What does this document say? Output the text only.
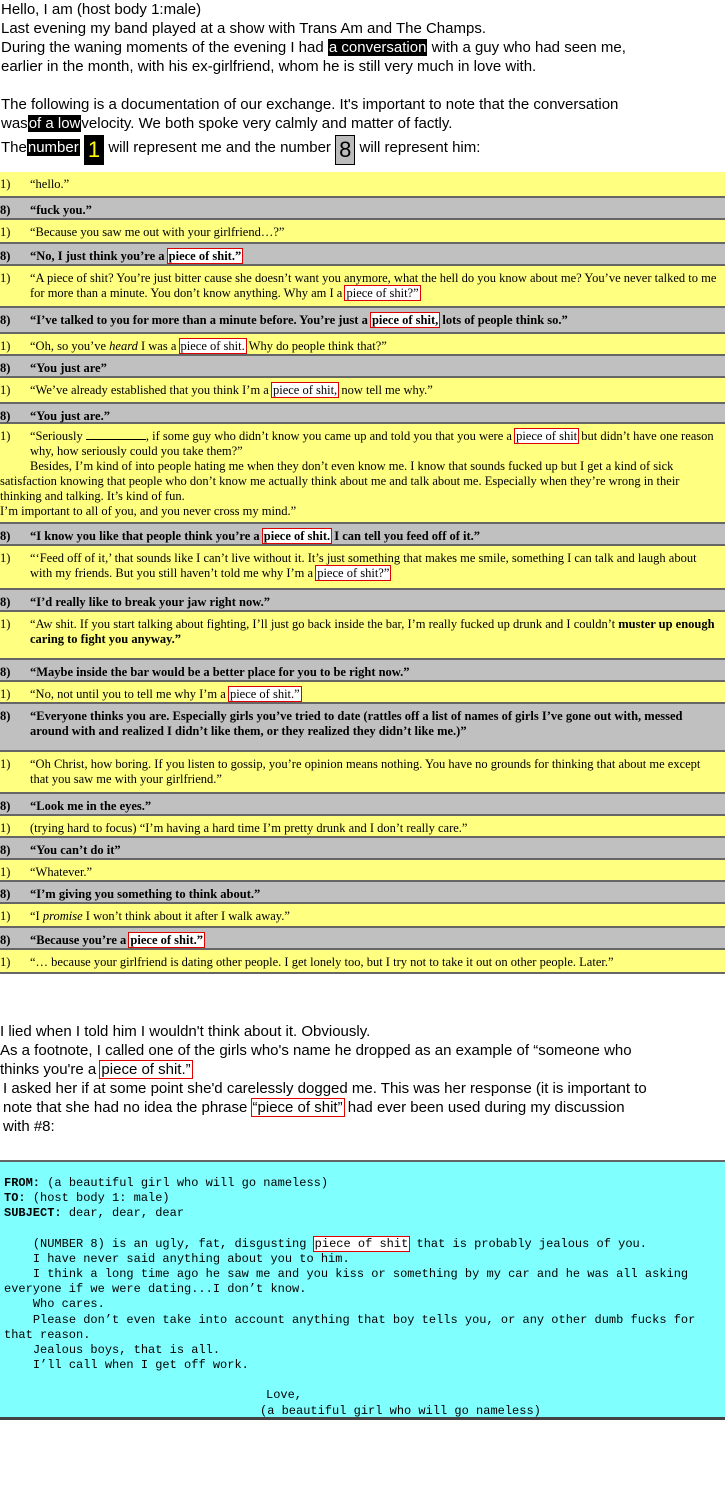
Hello, I am (host body 1:male)

Last evening my band played at a show with Trans Am and The Champs.

During the waning moments of the evening I had a conversation with a guy who had seen me,

earlier in the month, with his ex-girlfriend, whom he is still very much in love with.

The following is a documentation of our exchange. It's important to note that the conversation

wasof a lowvelocity. We both spoke very calmly and matter of factly.

Thenumber 1 will represent me and the number 8 will represent him:

1) “hello.”
8) “fuck you.”
1) “Because you saw me out with your girlfriend…?”
8) “No, I just think you’re a piece of shit.”
1) “A piece of shit? You’re just bitter cause she doesn’t want you anymore, what the hell do you know about me? You’ve never talked to me for more than a minute. You don’t know anything. Why am I a piece of shit?”
8) “I’ve talked to you for more than a minute before. You’re just a piece of shit, lots of people think so.”
1) “Oh, so you’ve heard I was a piece of shit. Why do people think that?”
8) “You just are”
1) “We’ve already established that you think I’m a piece of shit, now tell me why.”
8) “You just are.”
1) “Seriously	, if some guy who didn’t know you came up and told you that you were a piece of shit but didn’t have one reason why, how seriously could you take them?”
Besides, I’m kind of into people hating me when they don’t even know me. I know that sounds fucked up but I get a kind of sick satisfaction knowing that people who don’t know me actually think about me and talk about me. Especially when they’re wrong in their thinking and talking. It’s kind of fun.
I’m important to all of you, and you never cross my mind.”
8) “I know you like that people think you’re a piece of shit. I can tell you feed off of it.”
1) “‘Feed off of it,’ that sounds like I can’t live without it. It’s just something that makes me smile, something I can talk and laugh about with my friends. But you still haven’t told me why I’m a piece of shit?”
8) “I’d really like to break your jaw right now.”
1) “Aw shit. If you start talking about fighting, I’ll just go back inside the bar, I’m really fucked up drunk and I couldn’t muster up enough caring to fight you anyway.”
8) “Maybe inside the bar would be a better place for you to be right now.”
1) “No, not until you to tell me why I’m a piece of shit.”
8) “Everyone thinks you are. Especially girls you’ve tried to date (rattles off a list of names of girls I’ve gone out with, messed around with and realized I didn’t like them, or they realized they didn’t like me.)”
1) “Oh Christ, how boring. If you listen to gossip, you’re opinion means nothing. You have no grounds for thinking that about me except that you saw me with your girlfriend.”
8) “Look me in the eyes.”
1) (trying hard to focus) “I’m having a hard time I’m pretty drunk and I don’t really care.”
8) “You can’t do it”
1) “Whatever.”
8) “I’m giving you something to think about.”
1) “I promise I won’t think about it after I walk away.”
8) “Because you’re a piece of shit.”
1) “… because your girlfriend is dating other people. I get lonely too, but I try not to take it out on other people. Later.”

I lied when I told him I wouldn't think about it. Obviously.

As a footnote, I called one of the girls who's name he dropped as an example of “someone who

thinks you're a piece of shit.”

I asked her if at some point she'd carelessly dogged me. This was her response (it is important to

note that she had no idea the phrase “piece of shit” had ever been used during my discussion

with #8:

FROM: (a beautiful girl who will go nameless)

TO: (host body 1: male)

SUBJECT: dear, dear, dear

(NUMBER 8) is an ugly, fat, disgusting piece of shit that is probably jealous of you.

I have never said anything about you to him.

I think a long time ago he saw me and you kiss or something by my car and he was all asking everyone if we were dating...I don’t know.

Who cares.

Please don’t even take into account anything that boy tells you, or any other dumb fucks for that reason.

Jealous boys, that is all.

I’ll call when I get off work.

Love,

(a beautiful girl who will go nameless)
